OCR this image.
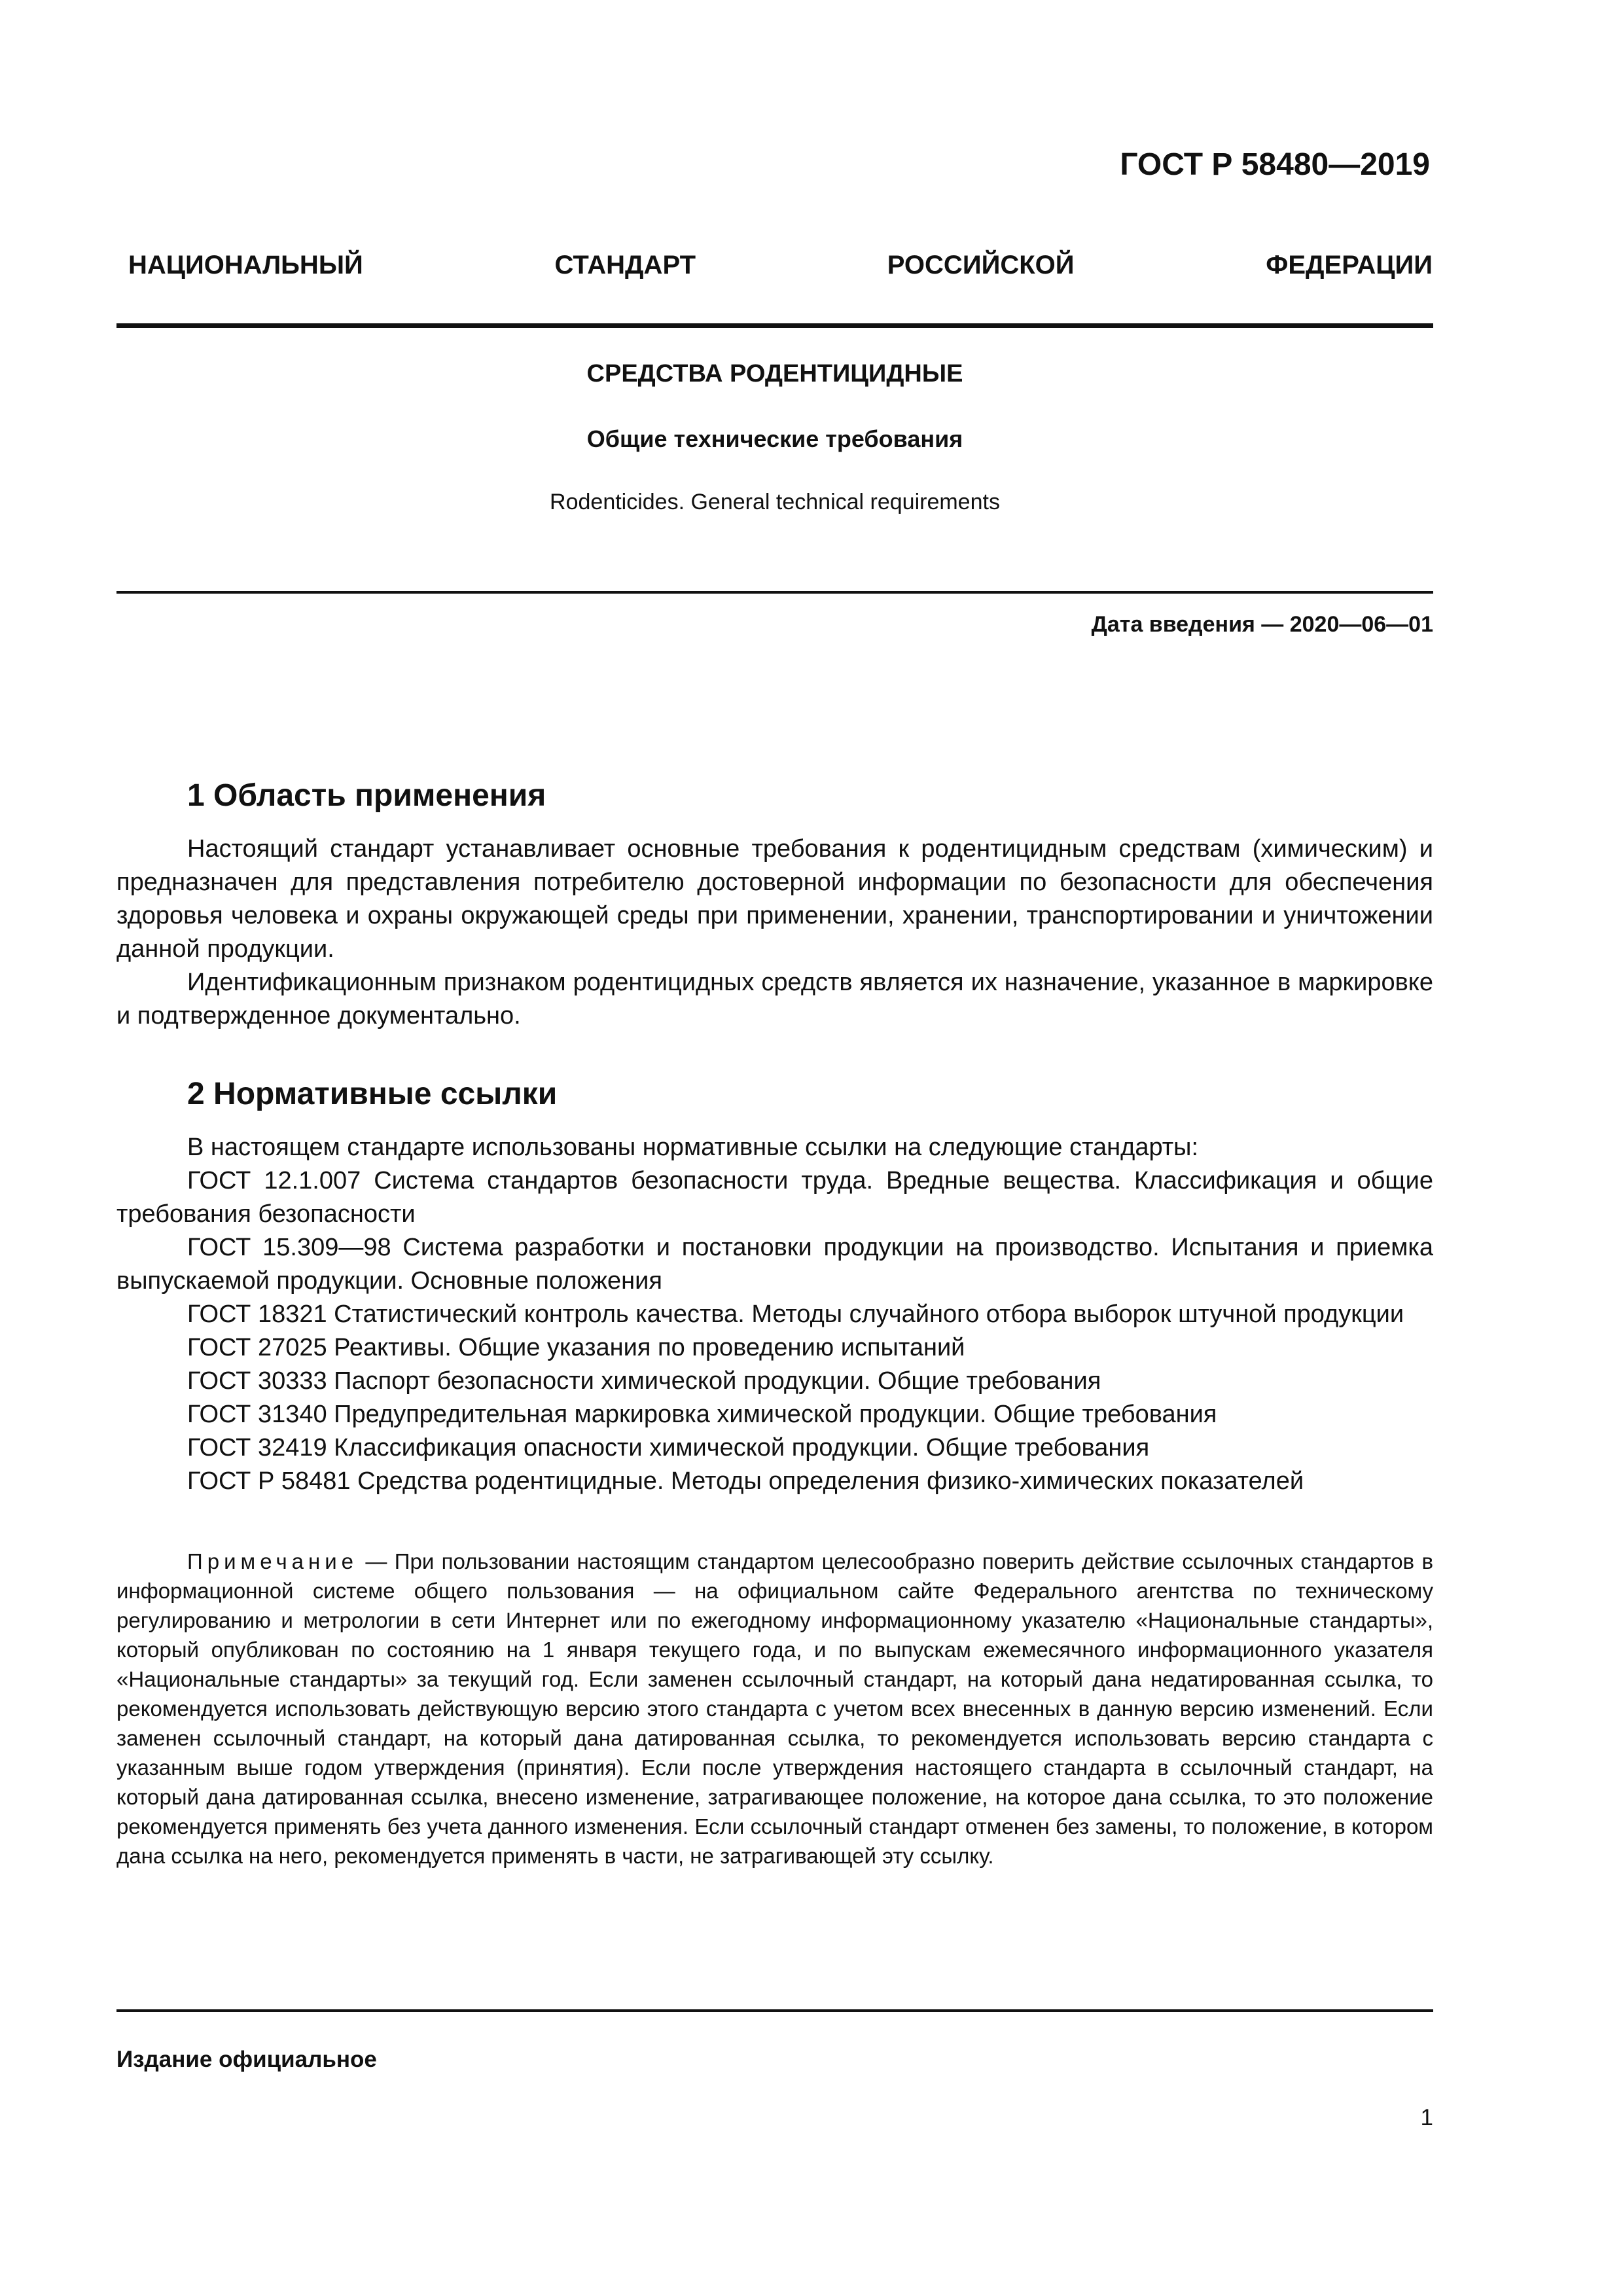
ГОСТ Р 58480—2019
НАЦИОНАЛЬНЫЙ СТАНДАРТ РОССИЙСКОЙ ФЕДЕРАЦИИ
СРЕДСТВА РОДЕНТИЦИДНЫЕ
Общие технические требования
Rodenticides. General technical requirements
Дата введения — 2020—06—01
1 Область применения

Настоящий стандарт устанавливает основные требования к родентицидным средствам (химическим) и предназначен для представления потребителю достоверной информации по безопасности для обеспечения здоровья человека и охраны окружающей среды при применении, хранении, транспортировании и уничтожении данной продукции.

Идентификационным признаком родентицидных средств является их назначение, указанное в маркировке и подтвержденное документально.

2 Нормативные ссылки

В настоящем стандарте использованы нормативные ссылки на следующие стандарты:

ГОСТ 12.1.007 Система стандартов безопасности труда. Вредные вещества. Классификация и общие требования безопасности

ГОСТ 15.309—98 Система разработки и постановки продукции на производство. Испытания и приемка выпускаемой продукции. Основные положения

ГОСТ 18321 Статистический контроль качества. Методы случайного отбора выборок штучной продукции

ГОСТ 27025 Реактивы. Общие указания по проведению испытаний

ГОСТ 30333 Паспорт безопасности химической продукции. Общие требования

ГОСТ 31340 Предупредительная маркировка химической продукции. Общие требования

ГОСТ 32419 Классификация опасности химической продукции. Общие требования

ГОСТ Р 58481 Средства родентицидные. Методы определения физико-химических показателей

Примечание — При пользовании настоящим стандартом целесообразно поверить действие ссылочных стандартов в информационной системе общего пользования — на официальном сайте Федерального агентства по техническому регулированию и метрологии в сети Интернет или по ежегодному информационному указателю «Национальные стандарты», который опубликован по состоянию на 1 января текущего года, и по выпускам ежемесячного информационного указателя «Национальные стандарты» за текущий год. Если заменен ссылочный стандарт, на который дана недатированная ссылка, то рекомендуется использовать действующую версию этого стандарта с учетом всех внесенных в данную версию изменений. Если заменен ссылочный стандарт, на который дана датированная ссылка, то рекомендуется использовать версию стандарта с указанным выше годом утверждения (принятия). Если после утверждения настоящего стандарта в ссылочный стандарт, на который дана датированная ссылка, внесено изменение, затрагивающее положение, на которое дана ссылка, то это положение рекомендуется применять без учета данного изменения. Если ссылочный стандарт отменен без замены, то положение, в котором дана ссылка на него, рекомендуется применять в части, не затрагивающей эту ссылку.
Издание официальное
1
